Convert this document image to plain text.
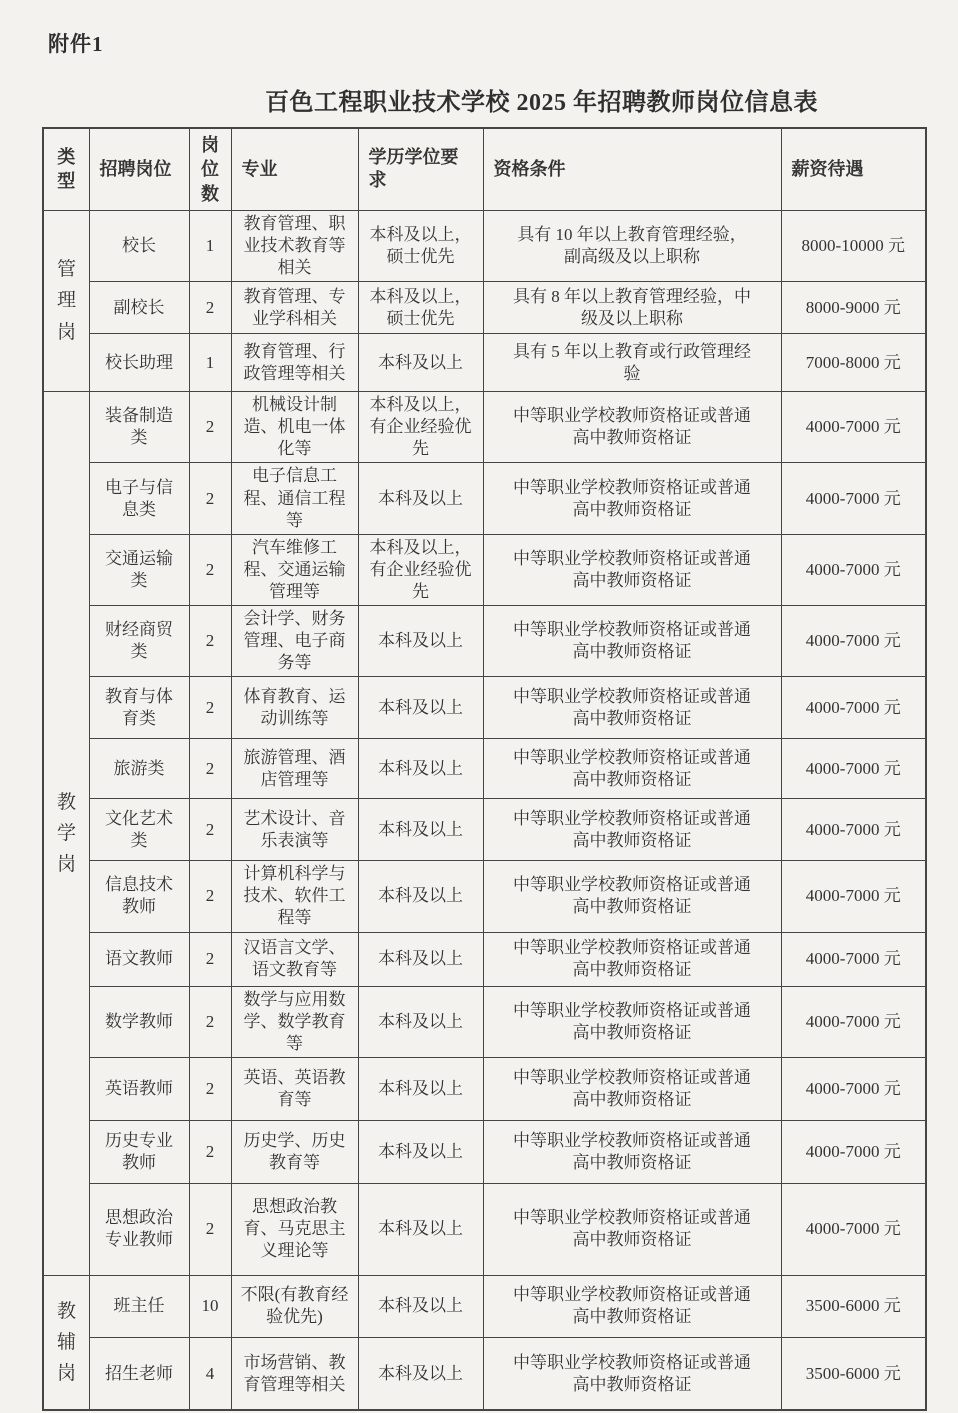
附件1
百色工程职业技术学校 2025 年招聘教师岗位信息表
类型	招聘岗位	岗位数	专业	学历学位要求	资格条件	薪资待遇
管理岗	校长	1	教育管理、职业技术教育等相关	本科及以上，硕士优先	具有 10 年以上教育管理经验，副高级及以上职称	8000-10000 元
	副校长	2	教育管理、专业学科相关	本科及以上，硕士优先	具有 8 年以上教育管理经验，中级及以上职称	8000-9000 元
	校长助理	1	教育管理、行政管理等相关	本科及以上	具有 5 年以上教育或行政管理经验	7000-8000 元
教学岗	装备制造类	2	机械设计制造、机电一体化等	本科及以上，有企业经验优先	中等职业学校教师资格证或普通高中教师资格证	4000-7000 元
	电子与信息类	2	电子信息工程、通信工程等	本科及以上	中等职业学校教师资格证或普通高中教师资格证	4000-7000 元
	交通运输类	2	汽车维修工程、交通运输管理等	本科及以上，有企业经验优先	中等职业学校教师资格证或普通高中教师资格证	4000-7000 元
	财经商贸类	2	会计学、财务管理、电子商务等	本科及以上	中等职业学校教师资格证或普通高中教师资格证	4000-7000 元
	教育与体育类	2	体育教育、运动训练等	本科及以上	中等职业学校教师资格证或普通高中教师资格证	4000-7000 元
	旅游类	2	旅游管理、酒店管理等	本科及以上	中等职业学校教师资格证或普通高中教师资格证	4000-7000 元
	文化艺术类	2	艺术设计、音乐表演等	本科及以上	中等职业学校教师资格证或普通高中教师资格证	4000-7000 元
	信息技术教师	2	计算机科学与技术、软件工程等	本科及以上	中等职业学校教师资格证或普通高中教师资格证	4000-7000 元
	语文教师	2	汉语言文学、语文教育等	本科及以上	中等职业学校教师资格证或普通高中教师资格证	4000-7000 元
	数学教师	2	数学与应用数学、数学教育等	本科及以上	中等职业学校教师资格证或普通高中教师资格证	4000-7000 元
	英语教师	2	英语、英语教育等	本科及以上	中等职业学校教师资格证或普通高中教师资格证	4000-7000 元
	历史专业教师	2	历史学、历史教育等	本科及以上	中等职业学校教师资格证或普通高中教师资格证	4000-7000 元
	思想政治专业教师	2	思想政治教育、马克思主义理论等	本科及以上	中等职业学校教师资格证或普通高中教师资格证	4000-7000 元
教辅岗	班主任	10	不限(有教育经验优先)	本科及以上	中等职业学校教师资格证或普通高中教师资格证	3500-6000 元
	招生老师	4	市场营销、教育管理等相关	本科及以上	中等职业学校教师资格证或普通高中教师资格证	3500-6000 元
